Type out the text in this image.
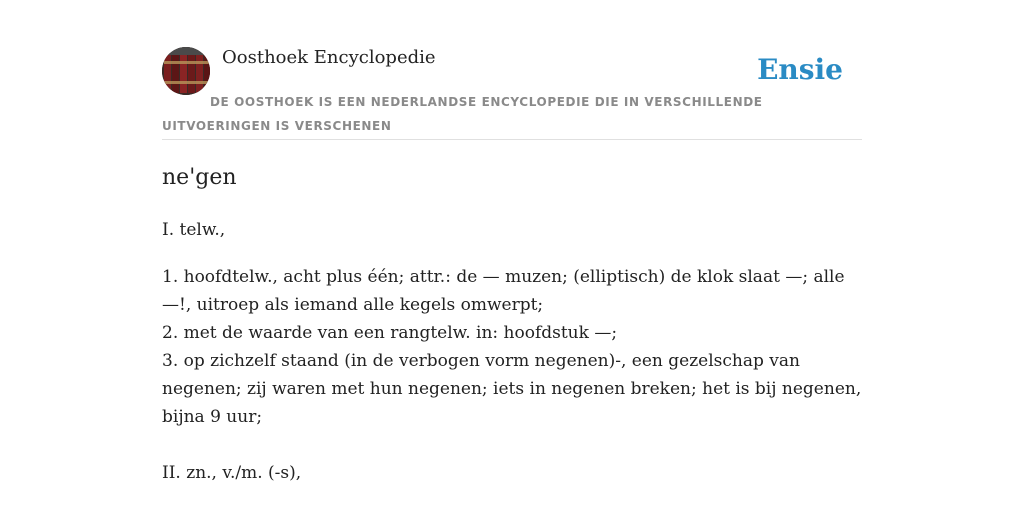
Oosthoek Encyclopedie	Ensie
DE OOSTHOEK IS EEN NEDERLANDSE ENCYCLOPEDIE DIE IN VERSCHILLENDE UITVOERINGEN IS VERSCHENEN
ne'gen

I. telw.,

1. hoofdtelw., acht plus één; attr.: de — muzen; (elliptisch) de klok slaat —; alle —!, uitroep als iemand alle kegels omwerpt;
2. met de waarde van een rangtelw. in: hoofdstuk —;
3. op zichzelf staand (in de verbogen vorm negenen)-, een gezelschap van negenen; zij waren met hun negenen; iets in negenen breken; het is bij negenen, bijna 9 uur;

II. zn., v./m. (-s),
